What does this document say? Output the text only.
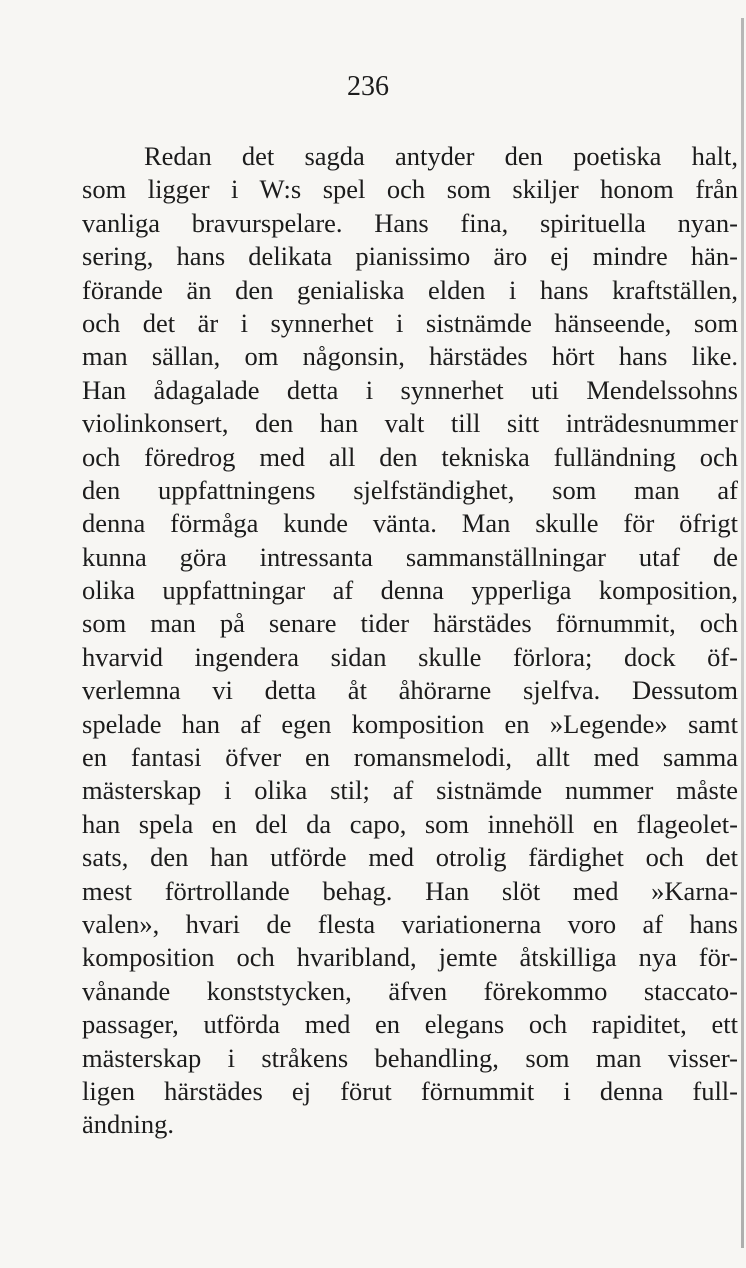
236
Redan det sagda antyder den poetiska halt,
som ligger i W:s spel och som skiljer honom från
vanliga bravurspelare. Hans fina, spirituella nyan-
sering, hans delikata pianissimo äro ej mindre hän-
förande än den genialiska elden i hans kraftställen,
och det är i synnerhet i sistnämde hänseende, som
man sällan, om någonsin, härstädes hört hans like.
Han ådagalade detta i synnerhet uti Mendelssohns
violinkonsert, den han valt till sitt inträdesnummer
och föredrog med all den tekniska fulländning och
den uppfattningens sjelfständighet, som man af
denna förmåga kunde vänta. Man skulle för öfrigt
kunna göra intressanta sammanställningar utaf de
olika uppfattningar af denna ypperliga komposition,
som man på senare tider härstädes förnummit, och
hvarvid ingendera sidan skulle förlora; dock öf-
verlemna vi detta åt åhörarne sjelfva. Dessutom
spelade han af egen komposition en »Legende» samt
en fantasi öfver en romansmelodi, allt med samma
mästerskap i olika stil; af sistnämde nummer måste
han spela en del da capo, som innehöll en flageolet-
sats, den han utförde med otrolig färdighet och det
mest förtrollande behag. Han slöt med »Karna-
valen», hvari de flesta variationerna voro af hans
komposition och hvaribland, jemte åtskilliga nya för-
vånande konststycken, äfven förekommo staccato-
passager, utförda med en elegans och rapiditet, ett
mästerskap i stråkens behandling, som man visser-
ligen härstädes ej förut förnummit i denna full-
ändning.
